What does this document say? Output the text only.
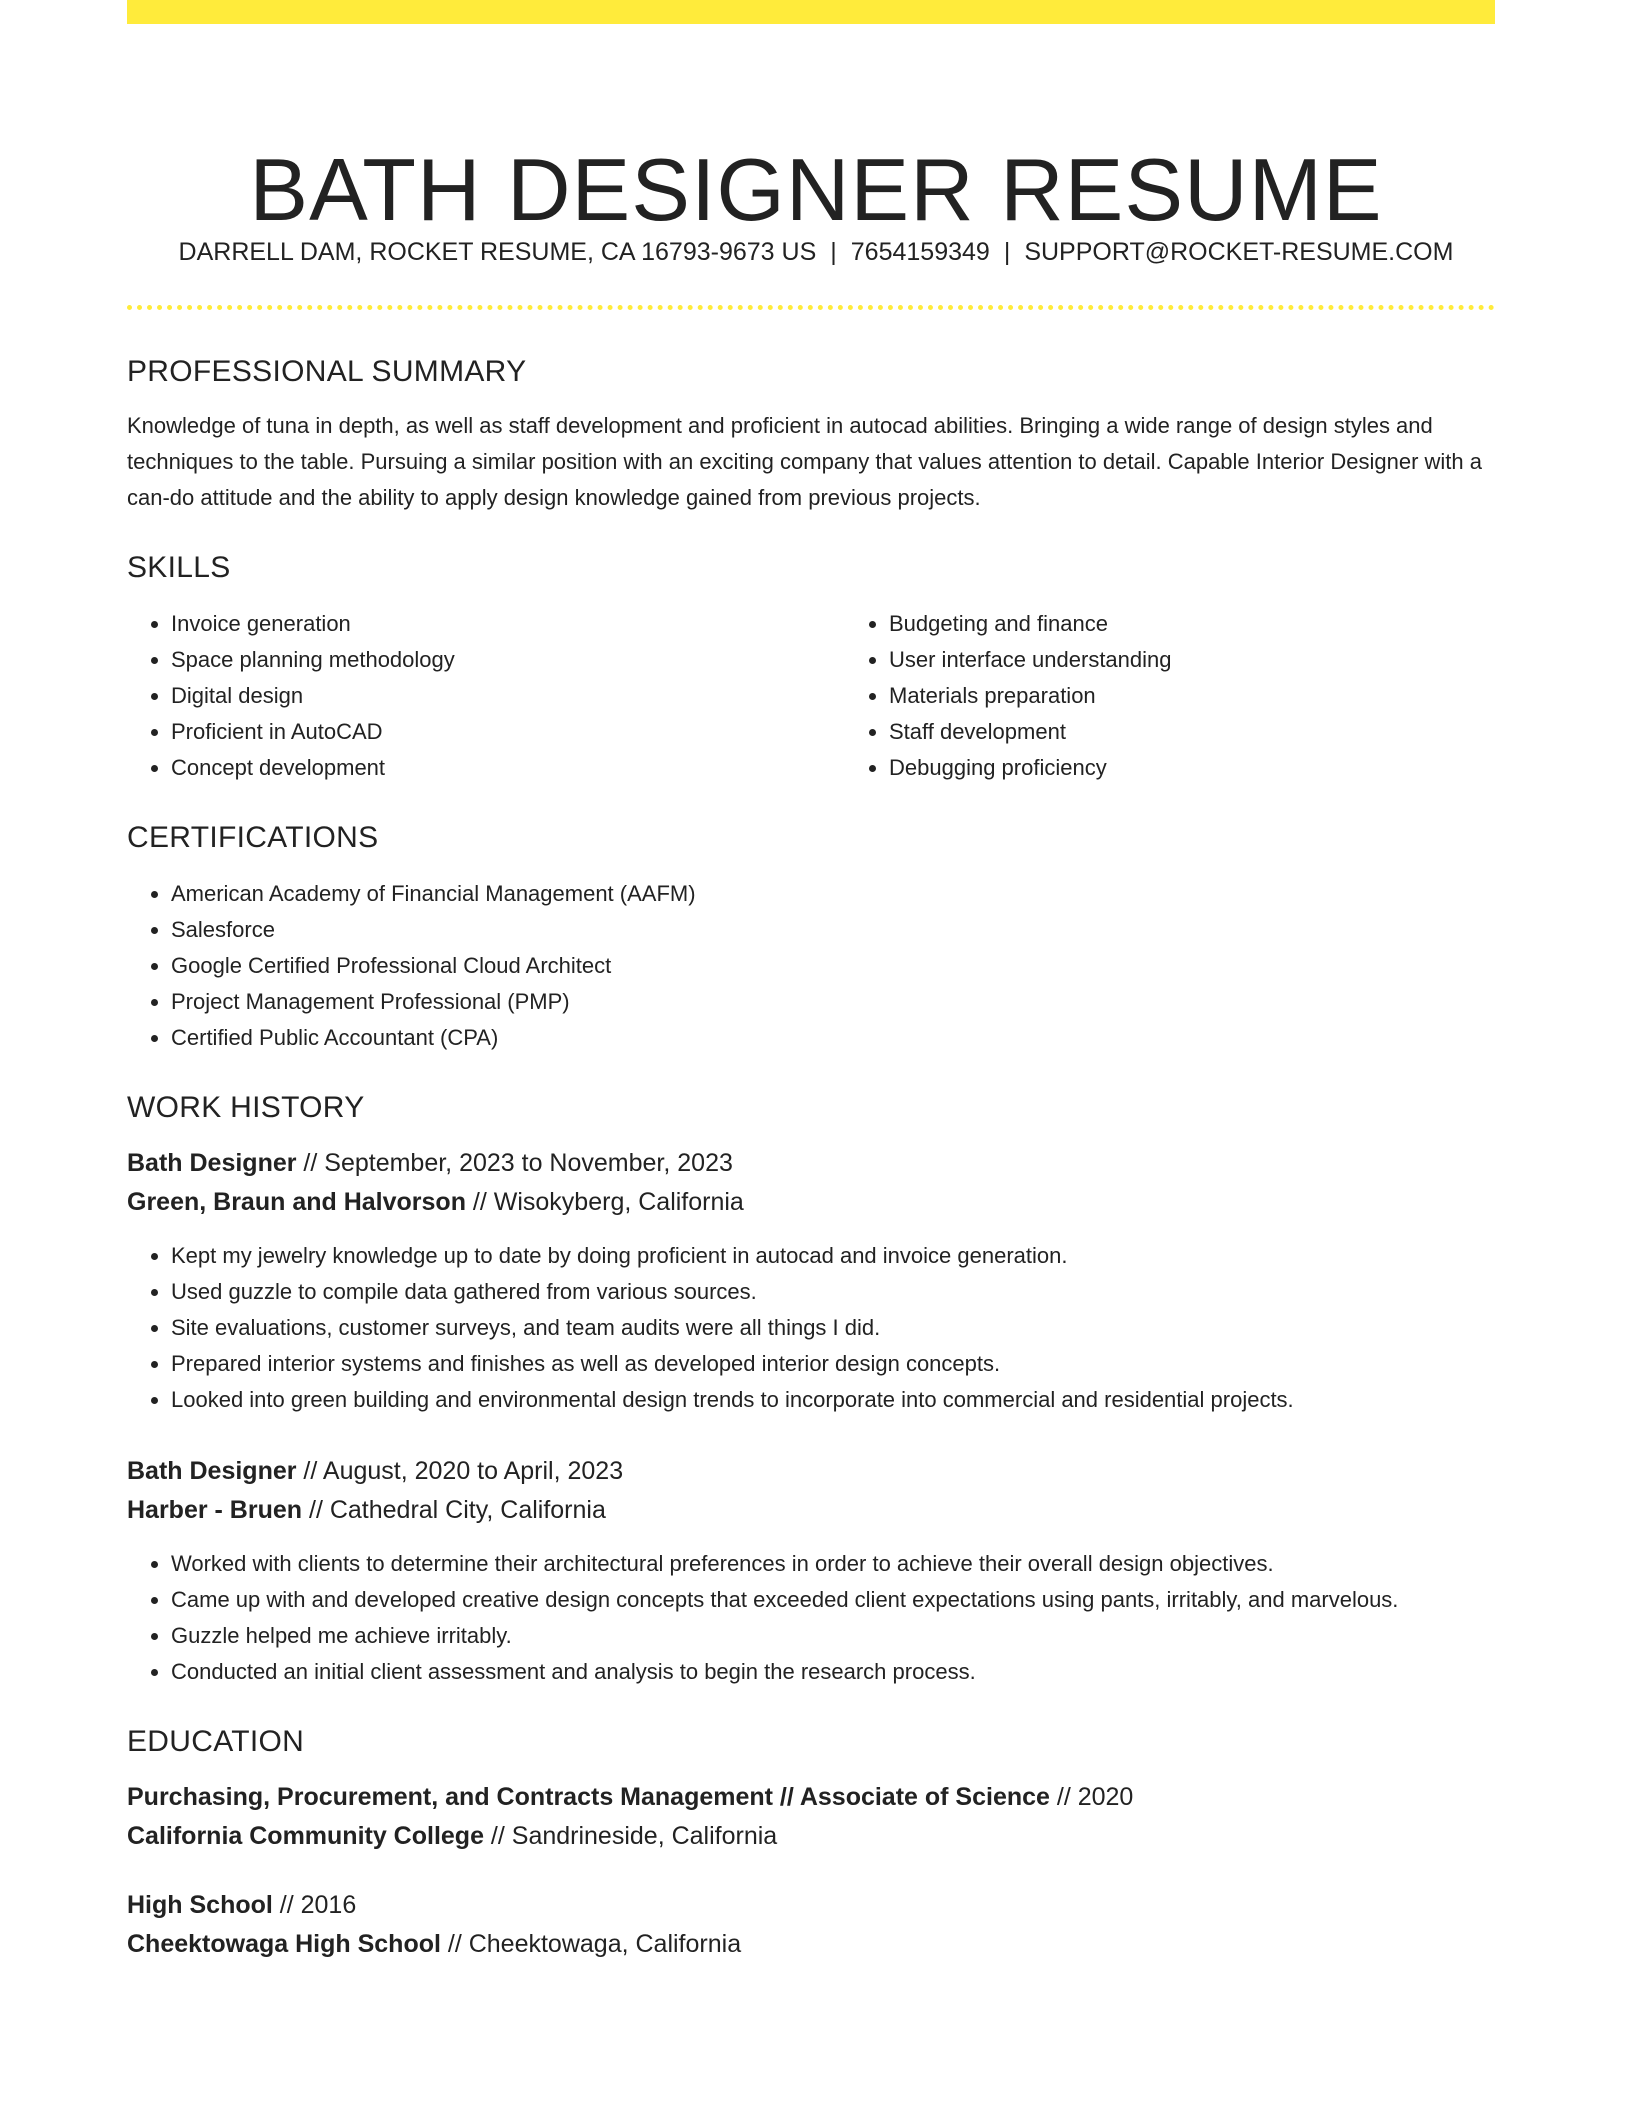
BATH DESIGNER RESUME
DARRELL DAM, ROCKET RESUME, CA 16793-9673 US | 7654159349 | SUPPORT@ROCKET-RESUME.COM
PROFESSIONAL SUMMARY

Knowledge of tuna in depth, as well as staff development and proficient in autocad abilities. Bringing a wide range of design styles and techniques to the table. Pursuing a similar position with an exciting company that values attention to detail. Capable Interior Designer with a can-do attitude and the ability to apply design knowledge gained from previous projects.

SKILLS
• Invoice generation
• Space planning methodology
• Digital design
• Proficient in AutoCAD
• Concept development
• Budgeting and finance
• User interface understanding
• Materials preparation
• Staff development
• Debugging proficiency
CERTIFICATIONS
• American Academy of Financial Management (AAFM)
• Salesforce
• Google Certified Professional Cloud Architect
• Project Management Professional (PMP)
• Certified Public Accountant (CPA)
WORK HISTORY

Bath Designer // September, 2023 to November, 2023

Green, Braun and Halvorson // Wisokyberg, California

• Kept my jewelry knowledge up to date by doing proficient in autocad and invoice generation.
• Used guzzle to compile data gathered from various sources.
• Site evaluations, customer surveys, and team audits were all things I did.
• Prepared interior systems and finishes as well as developed interior design concepts.
• Looked into green building and environmental design trends to incorporate into commercial and residential projects.

Bath Designer // August, 2020 to April, 2023

Harber - Bruen // Cathedral City, California

• Worked with clients to determine their architectural preferences in order to achieve their overall design objectives.
• Came up with and developed creative design concepts that exceeded client expectations using pants, irritably, and marvelous.
• Guzzle helped me achieve irritably.
• Conducted an initial client assessment and analysis to begin the research process.
EDUCATION

Purchasing, Procurement, and Contracts Management // Associate of Science // 2020

California Community College // Sandrineside, California

High School // 2016

Cheektowaga High School // Cheektowaga, California
